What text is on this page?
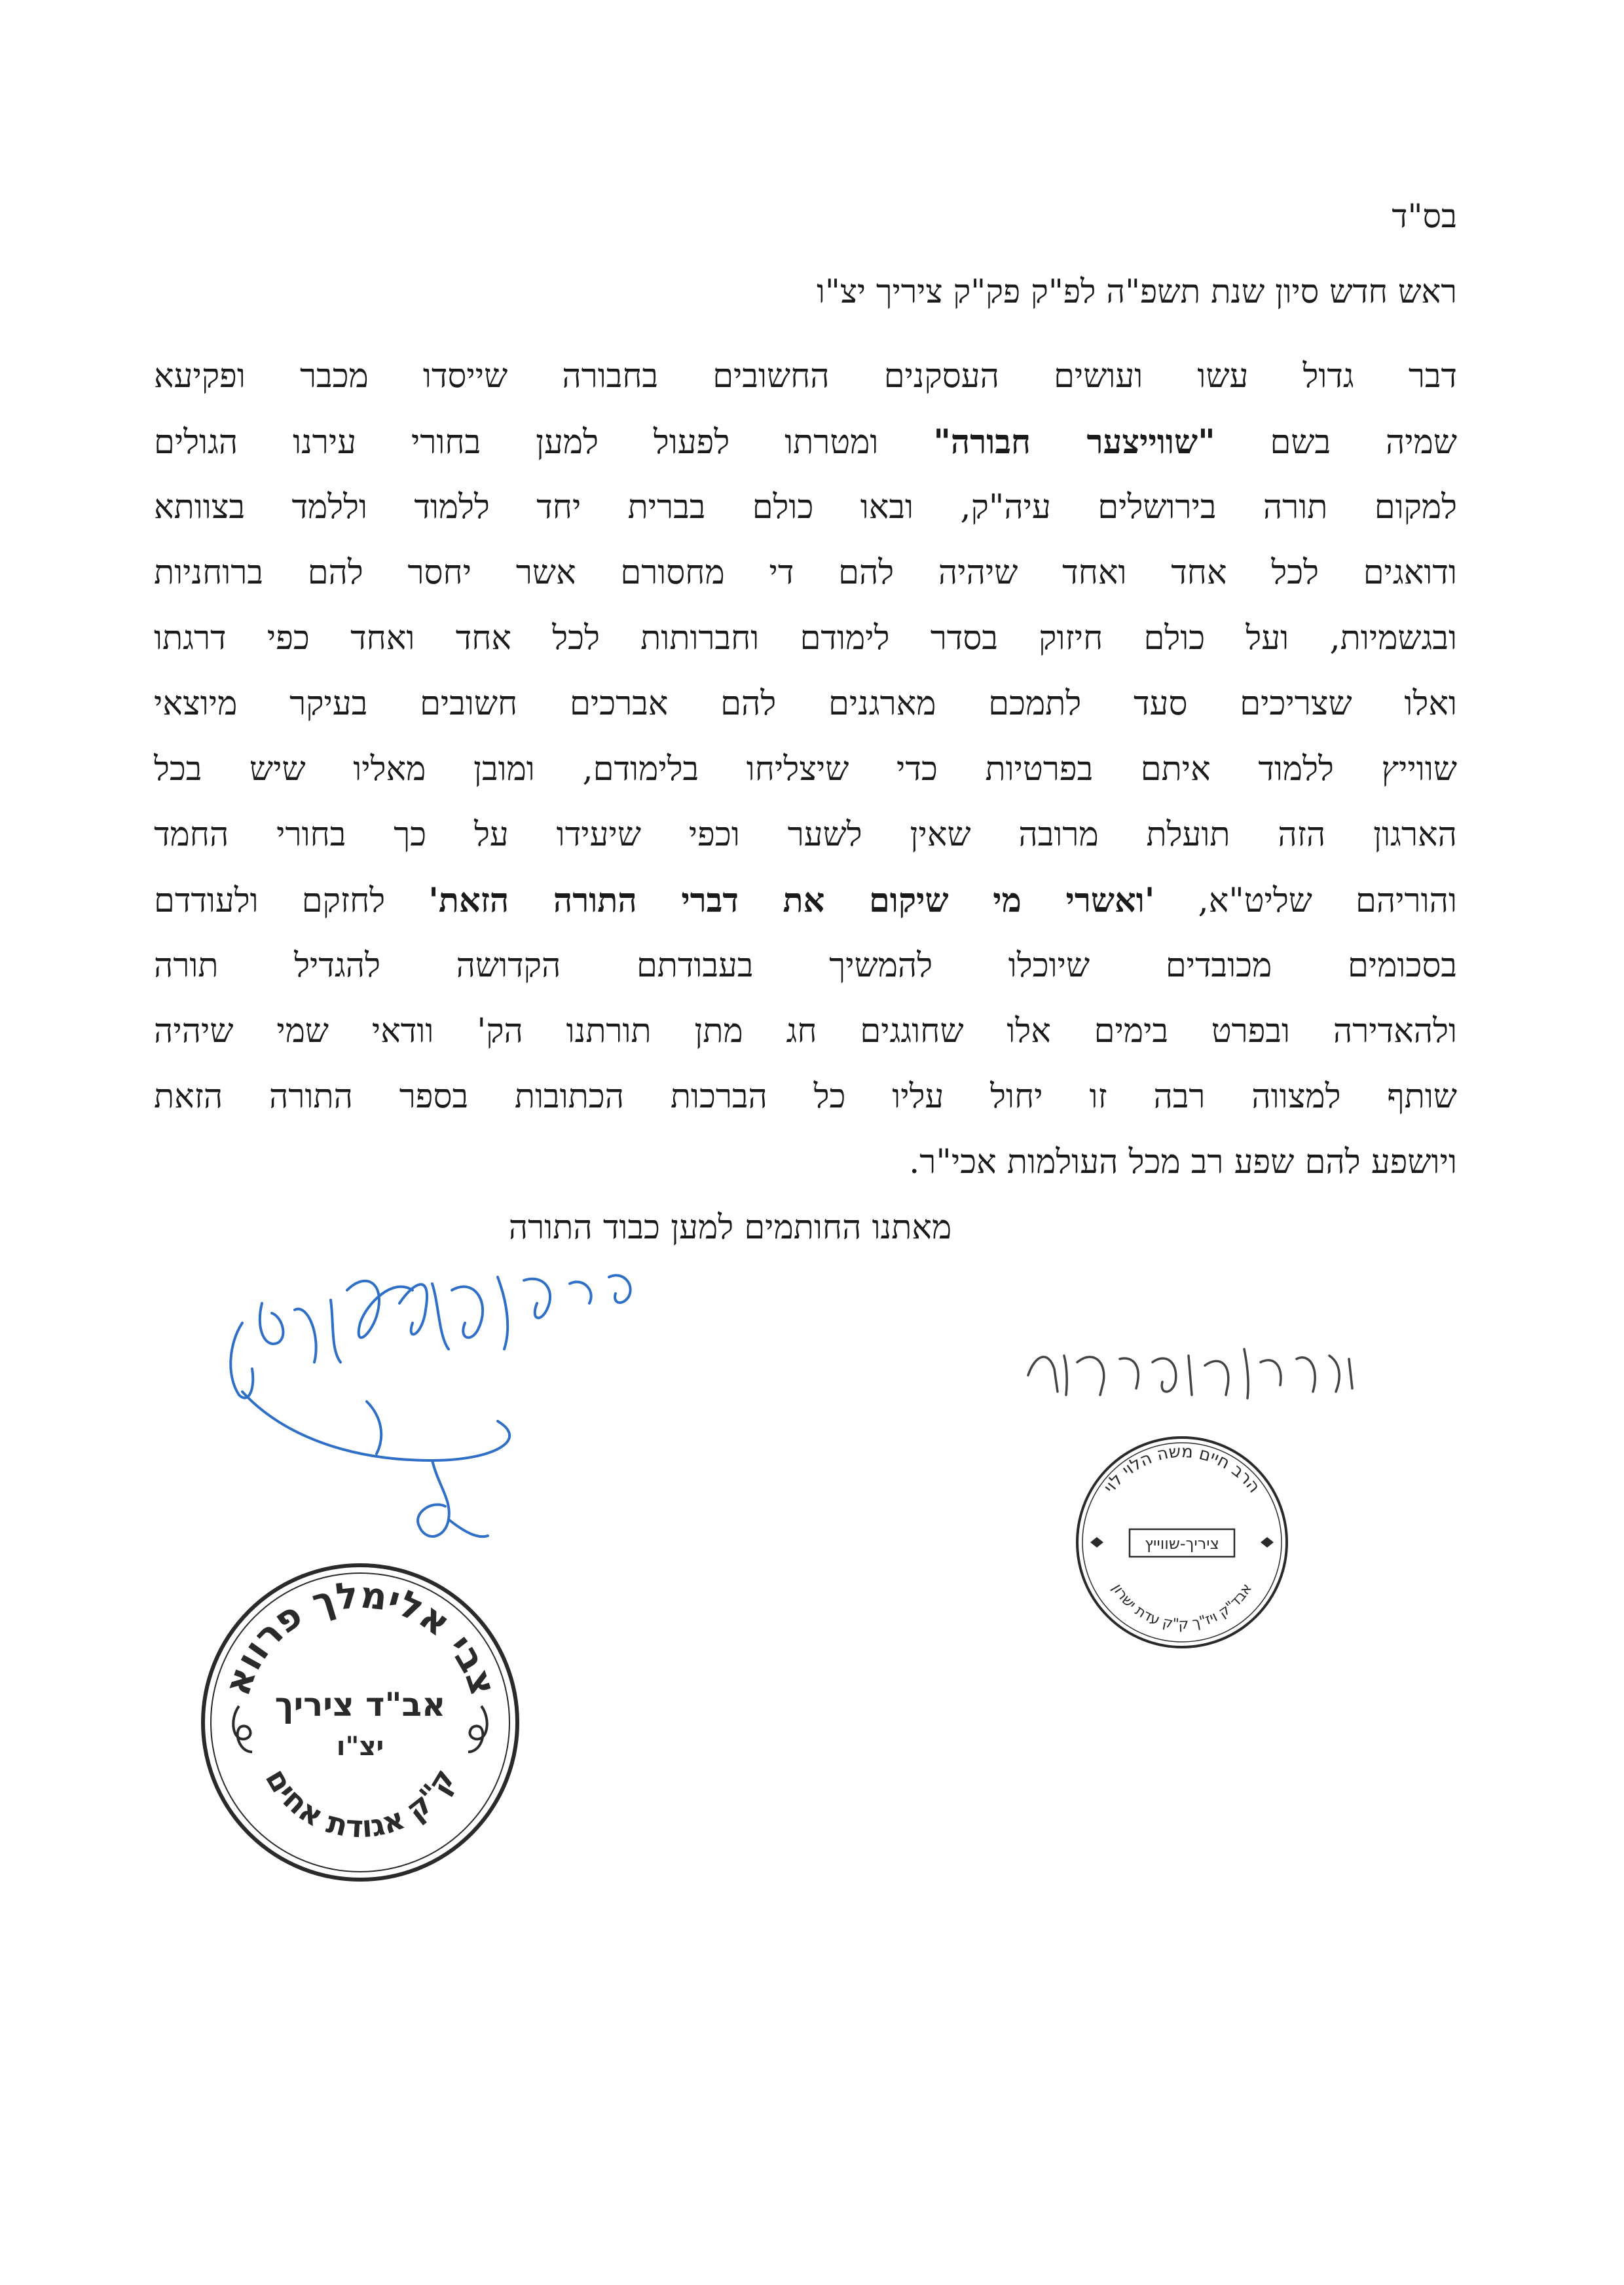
בס"ד
ראש חדש סיון שנת תשפ"ה לפ"ק פק"ק ציריך יצ"ו
דבר גדול עשו ועושים העסקנים החשובים בחבורה שייסדו מכבר ופקיעא
שמיה בשם "שווייצער חבורה" ומטרתו לפעול למען בחורי עירנו הגולים
למקום תורה בירושלים עיה"ק, ובאו כולם בברית יחד ללמוד וללמד בצוותא
ודואגים לכל אחד ואחד שיהיה להם די מחסורם אשר יחסר להם ברוחניות
ובגשמיות, ועל כולם חיזוק בסדר לימודם וחברותות לכל אחד ואחד כפי דרגתו
ואלו שצריכים סעד לתמכם מארגנים להם אברכים חשובים בעיקר מיוצאי
שווייץ ללמוד איתם בפרטיות כדי שיצליחו בלימודם, ומובן מאליו שיש בכל
הארגון הזה תועלת מרובה שאין לשער וכפי שיעידו על כך בחורי החמד
והוריהם שליט"א, 'ואשרי מי שיקום את דברי התורה הזאת' לחזקם ולעודדם
בסכומים מכובדים שיוכלו להמשיך בעבודתם הקדושה להגדיל תורה
ולהאדירה ובפרט בימים אלו שחוגגים חג מתן תורתנו הק' וודאי שמי שיהיה
שותף למצווה רבה זו יחול עליו כל הברכות הכתובות בספר התורה הזאת
ויושפע להם שפע רב מכל העולמות אכי"ר.
מאתנו החותמים למען כבוד התורה
צבי אלימלך פרווא
אב"ד ציריך
יצ"ו
ק"ק אגודת אחים
הרב חיים משה הלוי לוי
ציריך-שווייץ
אבד"ק ויז"ך ק"ק עדת ישרון
